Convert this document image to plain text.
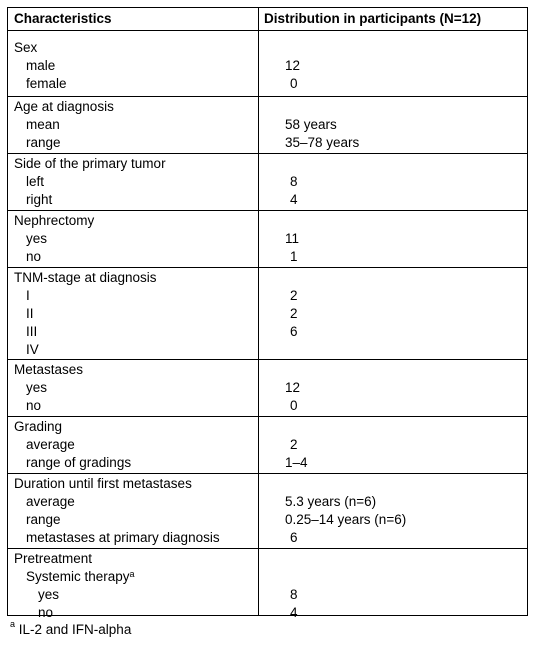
Characteristics	Distribution in participants (N=12)
Sex
male	12
female	0
Age at diagnosis
mean	58 years
range	35–78 years
Side of the primary tumor
left	8
right	4
Nephrectomy
yes	11
no	1
TNM-stage at diagnosis
I	2
II	2
III	6
IV
Metastases
yes	12
no	0
Grading
average	2
range of gradings	1–4
Duration until first metastases
average	5.3 years (n=6)
range	0.25–14 years (n=6)
metastases at primary diagnosis	6
Pretreatment
Systemic therapy$^a$
yes	8
no	4
$^a$ IL-2 and IFN-alpha
